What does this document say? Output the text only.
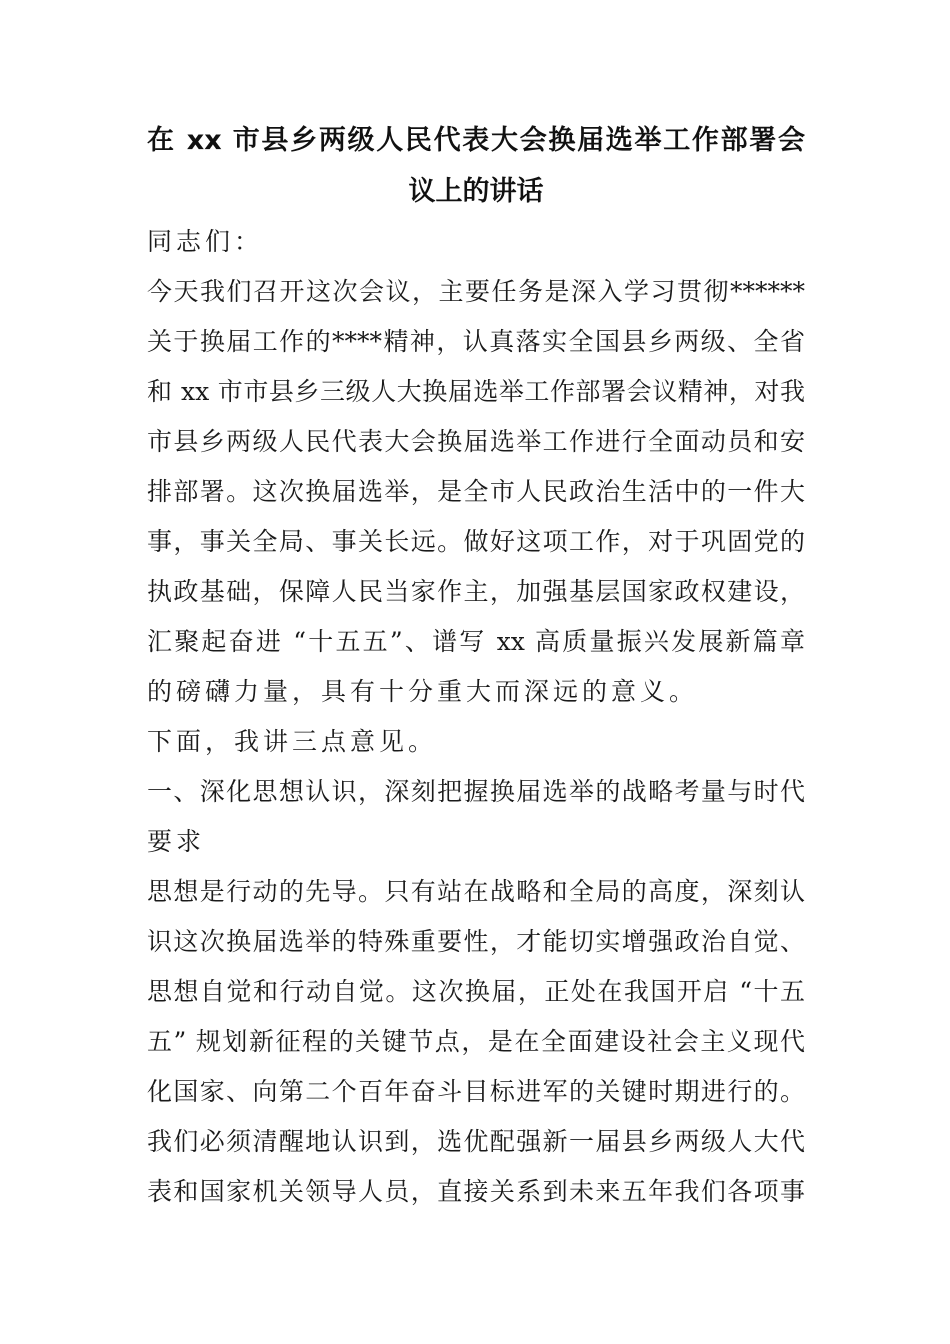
在 xx 市县乡两级人民代表大会换届选举工作部署会
议上的讲话
同志们：
今天我们召开这次会议，主要任务是深入学习贯彻******
关于换届工作的****精神，认真落实全国县乡两级、全省
和 xx 市市县乡三级人大换届选举工作部署会议精神，对我
市县乡两级人民代表大会换届选举工作进行全面动员和安
排部署。这次换届选举，是全市人民政治生活中的一件大
事，事关全局、事关长远。做好这项工作，对于巩固党的
执政基础，保障人民当家作主，加强基层国家政权建设，
汇聚起奋进 “十五五”、谱写 xx 高质量振兴发展新篇章
的磅礴力量，具有十分重大而深远的意义。
下面，我讲三点意见。
一、深化思想认识，深刻把握换届选举的战略考量与时代
要求
思想是行动的先导。只有站在战略和全局的高度，深刻认
识这次换届选举的特殊重要性，才能切实增强政治自觉、
思想自觉和行动自觉。这次换届，正处在我国开启 “十五
五” 规划新征程的关键节点，是在全面建设社会主义现代
化国家、向第二个百年奋斗目标进军的关键时期进行的。
我们必须清醒地认识到，选优配强新一届县乡两级人大代
表和国家机关领导人员，直接关系到未来五年我们各项事
